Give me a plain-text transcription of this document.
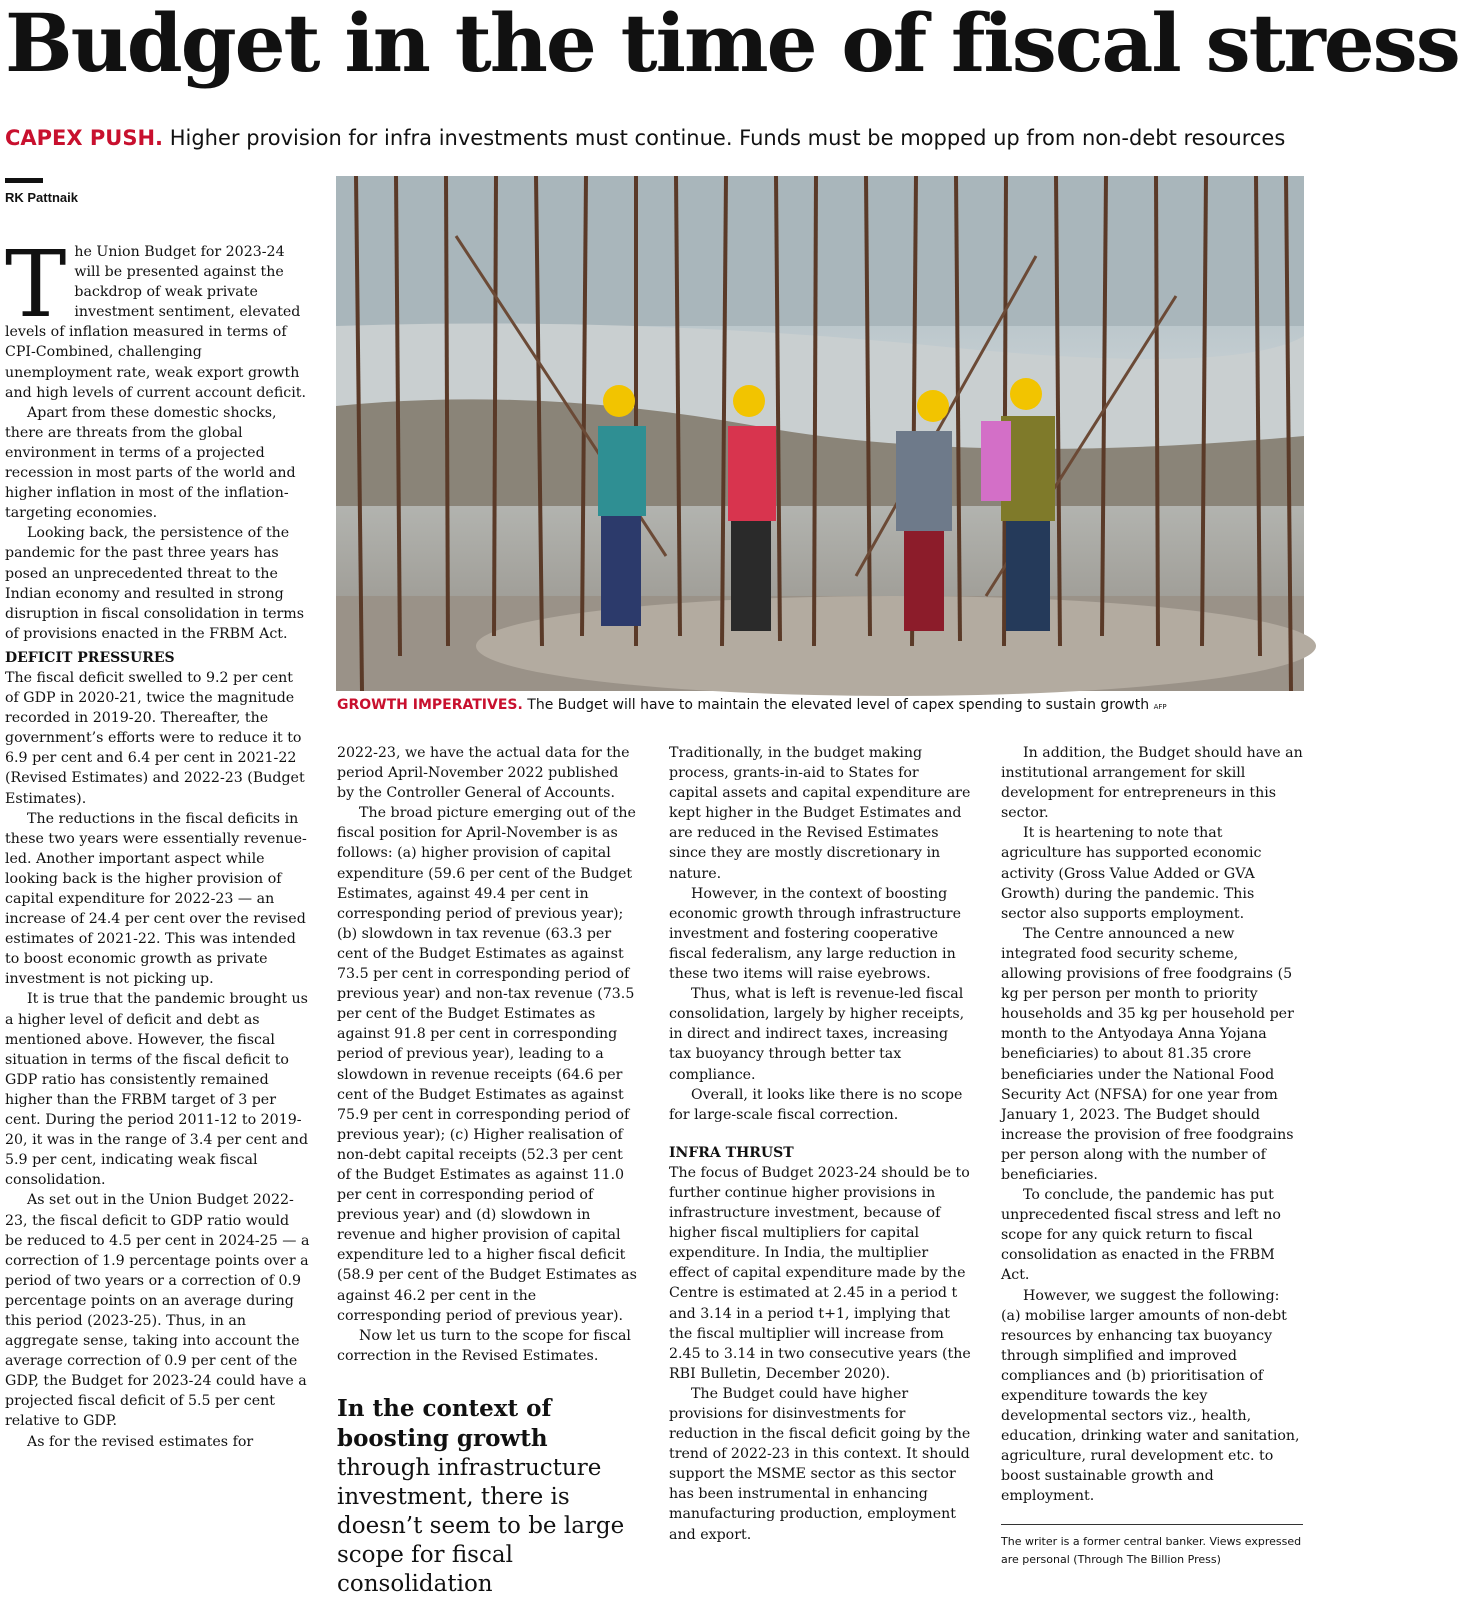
Budget in the time of fiscal stress
CAPEX PUSH. Higher provision for infra investments must continue. Funds must be mopped up from non-debt resources
RK Pattnaik
GROWTH IMPERATIVES. The Budget will have to maintain the elevated level of capex spending to sustain growth AFP
T he Union Budget for 2023-24 will be presented against the backdrop of weak private investment sentiment, elevated levels of inflation measured in terms of CPI-Combined, challenging unemployment rate, weak export growth and high levels of current account deficit.

Apart from these domestic shocks, there are threats from the global environment in terms of a projected recession in most parts of the world and higher inflation in most of the inflation-targeting economies.

Looking back, the persistence of the pandemic for the past three years has posed an unprecedented threat to the Indian economy and resulted in strong disruption in fiscal consolidation in terms of provisions enacted in the FRBM Act.

DEFICIT PRESSURES

The fiscal deficit swelled to 9.2 per cent of GDP in 2020-21, twice the magnitude recorded in 2019-20. Thereafter, the government’s efforts were to reduce it to 6.9 per cent and 6.4 per cent in 2021-22 (Revised Estimates) and 2022-23 (Budget Estimates).

The reductions in the fiscal deficits in these two years were essentially revenue-led. Another important aspect while looking back is the higher provision of capital expenditure for 2022-23 — an increase of 24.4 per cent over the revised estimates of 2021-22. This was intended to boost economic growth as private investment is not picking up.

It is true that the pandemic brought us a higher level of deficit and debt as mentioned above. However, the fiscal situation in terms of the fiscal deficit to GDP ratio has consistently remained higher than the FRBM target of 3 per cent. During the period 2011-12 to 2019-20, it was in the range of 3.4 per cent and 5.9 per cent, indicating weak fiscal consolidation.

As set out in the Union Budget 2022-23, the fiscal deficit to GDP ratio would be reduced to 4.5 per cent in 2024-25 — a correction of 1.9 percentage points over a period of two years or a correction of 0.9 percentage points on an average during this period (2023-25). Thus, in an aggregate sense, taking into account the average correction of 0.9 per cent of the GDP, the Budget for 2023-24 could have a projected fiscal deficit of 5.5 per cent relative to GDP.

As for the revised estimates for

2022-23, we have the actual data for the period April-November 2022 published by the Controller General of Accounts.

The broad picture emerging out of the fiscal position for April-November is as follows: (a) higher provision of capital expenditure (59.6 per cent of the Budget Estimates, against 49.4 per cent in corresponding period of previous year); (b) slowdown in tax revenue (63.3 per cent of the Budget Estimates as against 73.5 per cent in corresponding period of previous year) and non-tax revenue (73.5 per cent of the Budget Estimates as against 91.8 per cent in corresponding period of previous year), leading to a slowdown in revenue receipts (64.6 per cent of the Budget Estimates as against 75.9 per cent in corresponding period of previous year); (c) Higher realisation of non-debt capital receipts (52.3 per cent of the Budget Estimates as against 11.0 per cent in corresponding period of previous year) and (d) slowdown in revenue and higher provision of capital expenditure led to a higher fiscal deficit (58.9 per cent of the Budget Estimates as against 46.2 per cent in the corresponding period of previous year).

Now let us turn to the scope for fiscal correction in the Revised Estimates.

In the context of boosting growth through infrastructure investment, there is doesn’t seem to be large scope for fiscal consolidation

Traditionally, in the budget making process, grants-in-aid to States for capital assets and capital expenditure are kept higher in the Budget Estimates and are reduced in the Revised Estimates since they are mostly discretionary in nature.

However, in the context of boosting economic growth through infrastructure investment and fostering cooperative fiscal federalism, any large reduction in these two items will raise eyebrows.

Thus, what is left is revenue-led fiscal consolidation, largely by higher receipts, in direct and indirect taxes, increasing tax buoyancy through better tax compliance.

Overall, it looks like there is no scope for large-scale fiscal correction.

INFRA THRUST

The focus of Budget 2023-24 should be to further continue higher provisions in infrastructure investment, because of higher fiscal multipliers for capital expenditure. In India, the multiplier effect of capital expenditure made by the Centre is estimated at 2.45 in a period t and 3.14 in a period t+1, implying that the fiscal multiplier will increase from 2.45 to 3.14 in two consecutive years (the RBI Bulletin, December 2020).

The Budget could have higher provisions for disinvestments for reduction in the fiscal deficit going by the trend of 2022-23 in this context. It should support the MSME sector as this sector has been instrumental in enhancing manufacturing production, employment and export.

In addition, the Budget should have an institutional arrangement for skill development for entrepreneurs in this sector.

It is heartening to note that agriculture has supported economic activity (Gross Value Added or GVA Growth) during the pandemic. This sector also supports employment.

The Centre announced a new integrated food security scheme, allowing provisions of free foodgrains (5 kg per person per month to priority households and 35 kg per household per month to the Antyodaya Anna Yojana beneficiaries) to about 81.35 crore beneficiaries under the National Food Security Act (NFSA) for one year from January 1, 2023. The Budget should increase the provision of free foodgrains per person along with the number of beneficiaries.

To conclude, the pandemic has put unprecedented fiscal stress and left no scope for any quick return to fiscal consolidation as enacted in the FRBM Act.

However, we suggest the following: (a) mobilise larger amounts of non-debt resources by enhancing tax buoyancy through simplified and improved compliances and (b) prioritisation of expenditure towards the key developmental sectors viz., health, education, drinking water and sanitation, agriculture, rural development etc. to boost sustainable growth and employment.

The writer is a former central banker. Views expressed are personal (Through The Billion Press)
